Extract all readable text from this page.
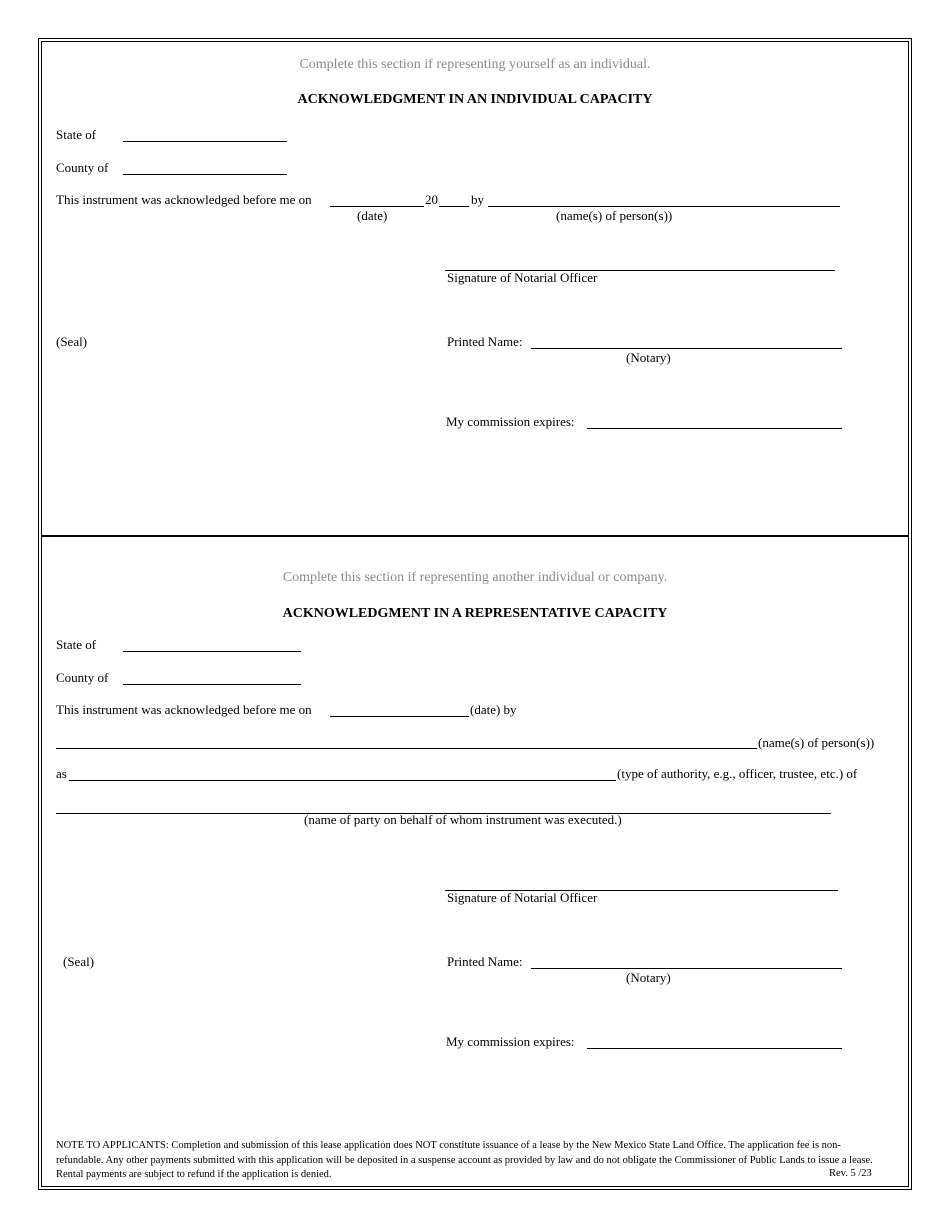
Complete this section if representing yourself as an individual.
ACKNOWLEDGMENT IN AN INDIVIDUAL CAPACITY
State of
County of
This instrument was acknowledged before me on	20	by
(date)	(name(s) of person(s))
Signature of Notarial Officer
(Seal)	Printed Name:
(Notary)
My commission expires:
Complete this section if representing another individual or company.
ACKNOWLEDGMENT IN A REPRESENTATIVE CAPACITY
State of
County of
This instrument was acknowledged before me on	(date) by
(name(s) of person(s))
as	(type of authority, e.g., officer, trustee, etc.) of
(name of party on behalf of whom instrument was executed.)
Signature of Notarial Officer
(Seal)	Printed Name:
(Notary)
My commission expires:
NOTE TO APPLICANTS: Completion and submission of this lease application does NOT constitute issuance of a lease by the New Mexico State Land Office. The application fee is non-refundable. Any other payments submitted with this application will be deposited in a suspense account as provided by law and do not obligate the Commissioner of Public Lands to issue a lease. Rental payments are subject to refund if the application is denied.	Rev. 5 /23
